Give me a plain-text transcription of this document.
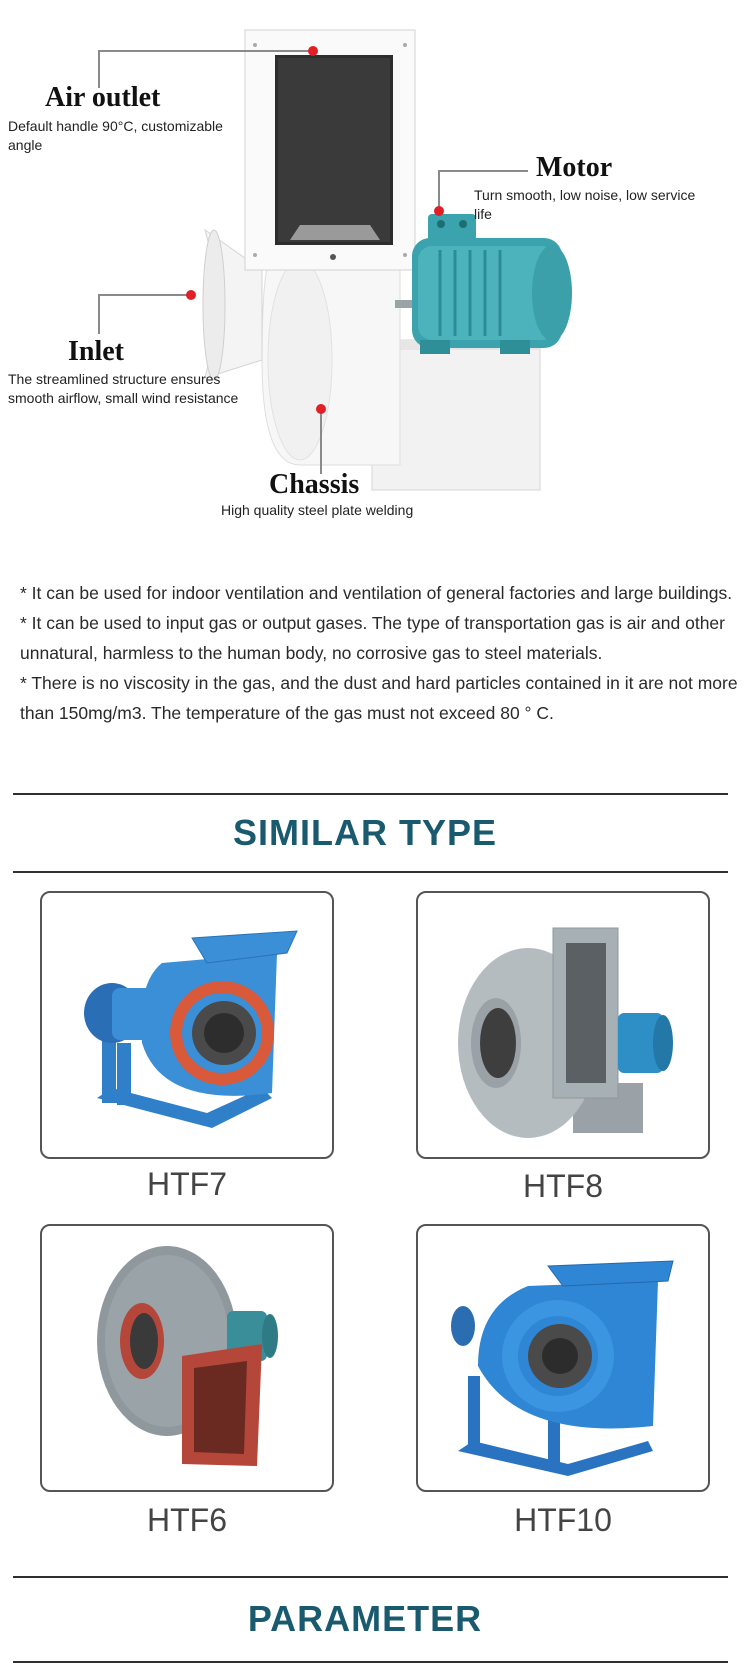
Air outlet
Default handle 90°C, customizable angle
Motor
Turn smooth, low noise, low service life
Inlet
The streamlined structure ensures smooth airflow, small wind resistance
Chassis
High quality steel plate welding

* It can be used for indoor ventilation and ventilation of general factories and large buildings.

* It can be used to input gas or output gases. The type of transportation gas is air and other unnatural, harmless to the human body, no corrosive gas to steel materials.

* There is no viscosity in the gas, and the dust and hard particles contained in it are not more than 150mg/m3. The temperature of the gas must not exceed 80 ° C.

SIMILAR TYPE
HTF7	HTF8
HTF6	HTF10
PARAMETER
